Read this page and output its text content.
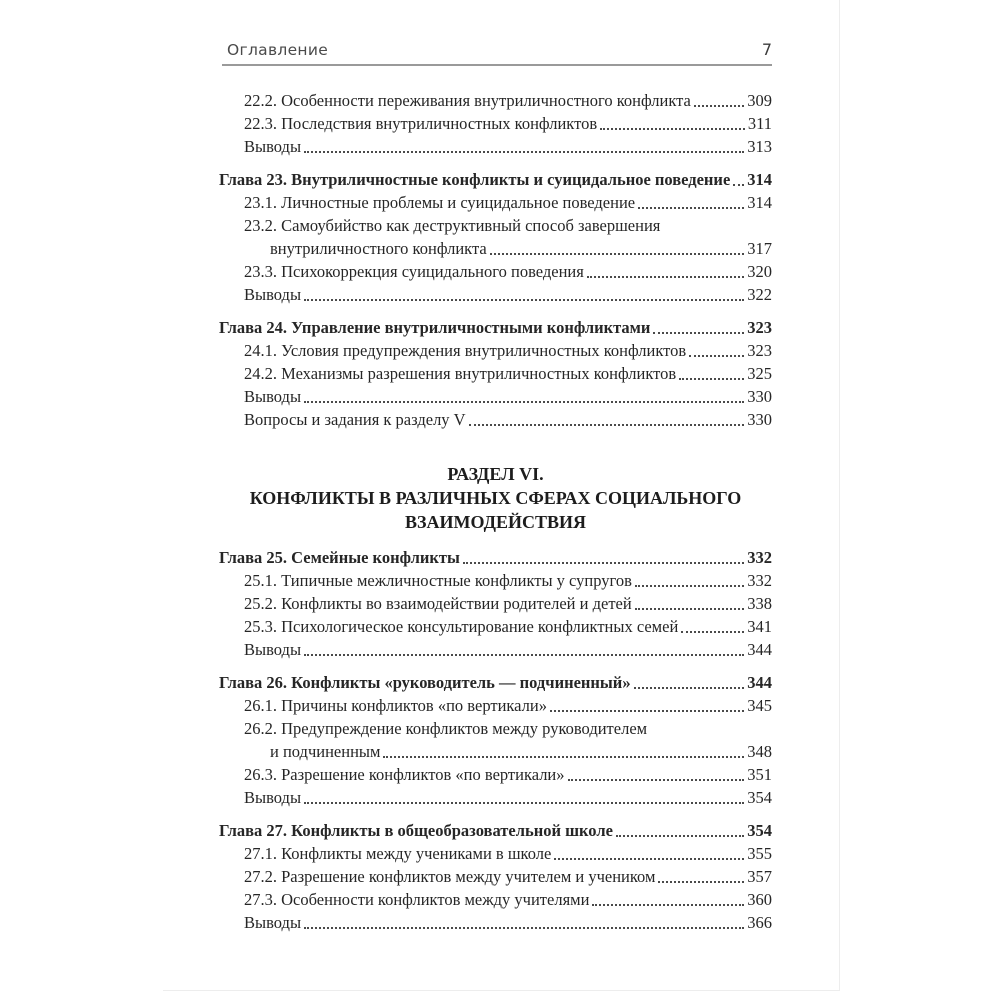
Оглавление	7
22.2. Особенности переживания внутриличностного конфликта	309
22.3. Последствия внутриличностных конфликтов	311
Выводы	313
Глава 23. Внутриличностные конфликты и суицидальное поведение 314
23.1. Личностные проблемы и суицидальное поведение	314
23.2. Самоубийство как деструктивный способ завершения
внутриличностного конфликта	317
23.3. Психокоррекция суицидального поведения	320
Выводы	322
Глава 24. Управление внутриличностными конфликтами	323
24.1. Условия предупреждения внутриличностных конфликтов	323
24.2. Механизмы разрешения внутриличностных конфликтов	325
Выводы	330
Вопросы и задания к разделу V	330
РАЗДЕЛ VI.
КОНФЛИКТЫ В РАЗЛИЧНЫХ СФЕРАХ СОЦИАЛЬНОГО
ВЗАИМОДЕЙСТВИЯ
Глава 25. Семейные конфликты	332
25.1. Типичные межличностные конфликты у супругов	332
25.2. Конфликты во взаимодействии родителей и детей	338
25.3. Психологическое консультирование конфликтных семей	341
Выводы	344
Глава 26. Конфликты «руководитель — подчиненный»	344
26.1. Причины конфликтов «по вертикали»	345
26.2. Предупреждение конфликтов между руководителем
и подчиненным	348
26.3. Разрешение конфликтов «по вертикали»	351
Выводы	354
Глава 27. Конфликты в общеобразовательной школе	354
27.1. Конфликты между учениками в школе	355
27.2. Разрешение конфликтов между учителем и учеником	357
27.3. Особенности конфликтов между учителями	360
Выводы	366
